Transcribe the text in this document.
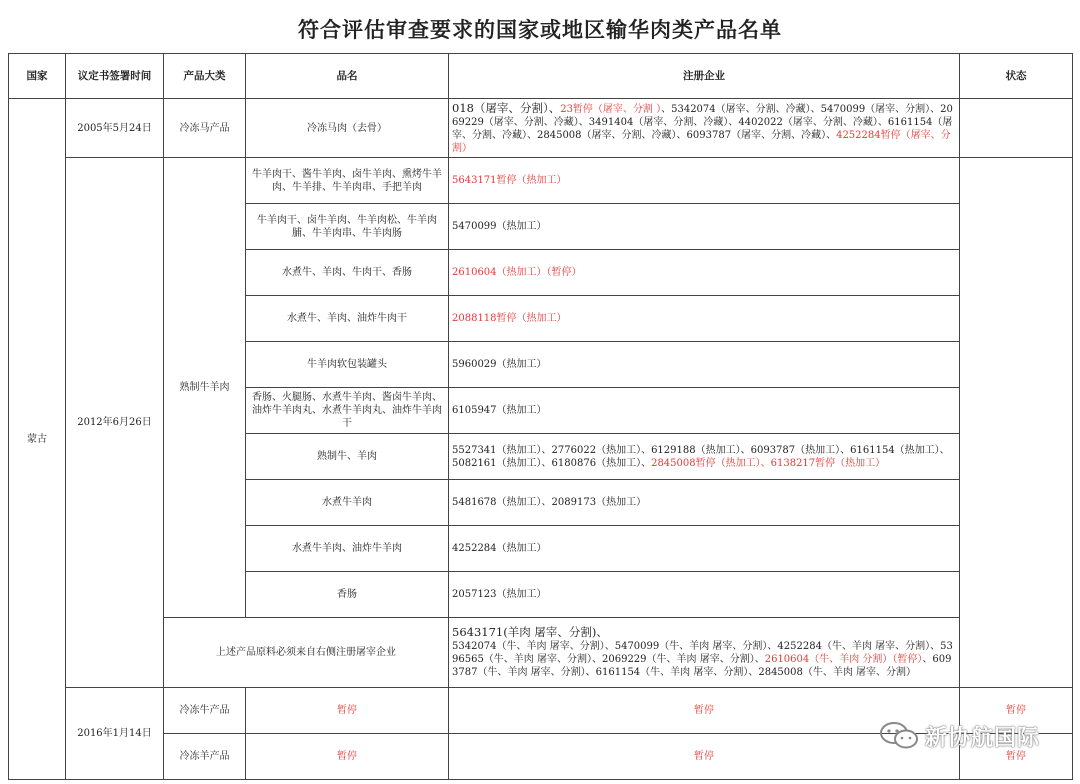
符合评估审查要求的国家或地区输华肉类产品名单
国家	议定书签署时间	产品大类	品名	注册企业	状态
蒙古	2005年5月24日	冷冻马产品	冷冻马肉（去骨）	018（屠宰、分割）、23暂停（屠宰、分割 ）、5342074（屠宰、分割、冷藏）、5470099（屠宰、分割）、2069229（屠宰、分割、冷藏）、3491404（屠宰、分割、冷藏）、4402022（屠宰、分割、冷藏）、6161154（屠宰、分割、冷藏）、2845008（屠宰、分割、冷藏）、6093787（屠宰、分割、冷藏）、4252284暂停（屠宰、分割）	
	2012年6月26日	熟制牛羊肉	牛羊肉干、酱牛羊肉、卤牛羊肉、熏烤牛羊肉、牛羊排、牛羊肉串、手把羊肉	5643171暂停（热加工）	
			牛羊肉干、卤牛羊肉、牛羊肉松、牛羊肉脯、牛羊肉串、牛羊肉肠	5470099（热加工）	
			水煮牛、羊肉、牛肉干、香肠	2610604（热加工）（暂停）	
			水煮牛、羊肉、油炸牛肉干	2088118暂停（热加工）	
			牛羊肉软包装罐头	5960029（热加工）	
			香肠、火腿肠、水煮牛羊肉、酱卤牛羊肉、油炸牛羊肉丸、水煮牛羊肉丸、油炸牛羊肉干	6105947（热加工）	
			熟制牛、羊肉	5527341（热加工）、2776022（热加工）、6129188（热加工）、6093787（热加工）、6161154（热加工）、5082161（热加工）、6180876（热加工）、2845008暂停（热加工）、6138217暂停（热加工）	
			水煮牛羊肉	5481678（热加工）、2089173（热加工）	
			水煮牛羊肉、油炸牛羊肉	4252284（热加工）	
			香肠	2057123（热加工）	
		上述产品原料必须来自右侧注册屠宰企业		5643171(羊肉 屠宰、分割)、
5342074（牛、羊肉 屠宰、分割）、5470099（牛、羊肉 屠宰、分割）、4252284（牛、羊肉 屠宰、分割）、5396565（牛、羊肉 屠宰、分割）、2069229（牛、羊肉 屠宰、分割）、2610604（牛、羊肉 分割）（暂停）、6093787（牛、羊肉 屠宰、分割）、6161154（牛、羊肉 屠宰、分割）、2845008（牛、羊肉 屠宰、分割）	
	2016年1月14日	冷冻牛产品	暂停	暂停	暂停
		冷冻羊产品	暂停	暂停	暂停
新协航国际
